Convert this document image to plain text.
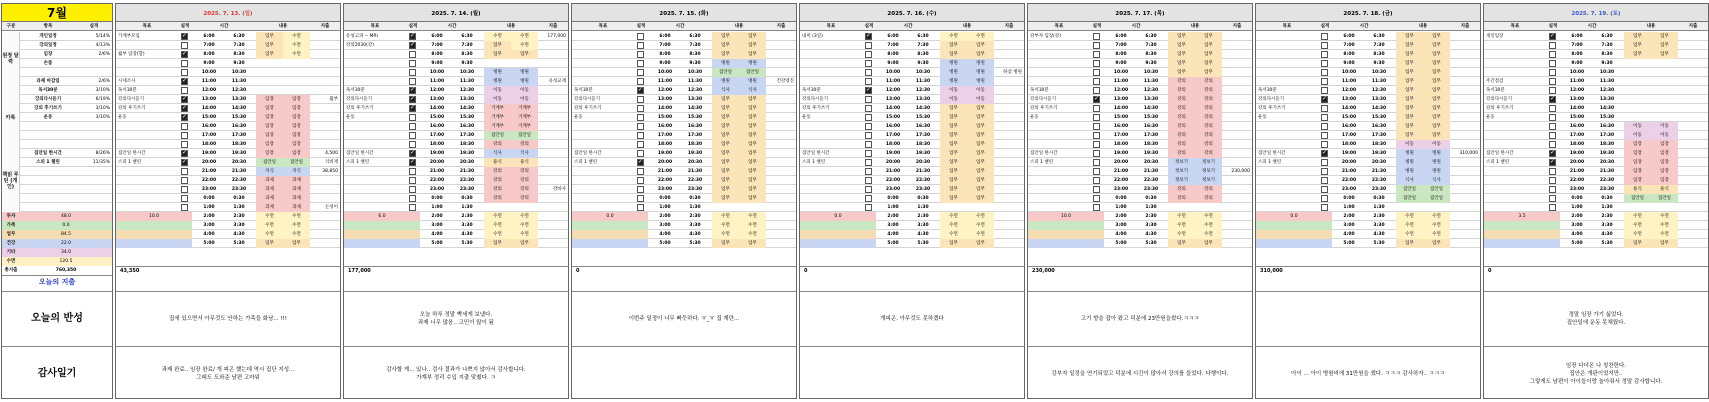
7월
구분	항목	실적
개인일정	5/14%
강의일정	4/13%
임장	2/6%
손품
과제 마감일	2/6%
독서30분	3/10%
강의다시듣기	6/19%
강의 후기쓰기	3/10%
운동	3/10%
집안일 한시간	8/26%
스피 1 챌린	11/35%
원정 달력
카톡
책읽 루틴 (개인)
투자	48.0
가족	0.0
업무	84.5
건강	22.0
기타	34.0
수면	120.5
총지출	760,350
오늘의 지출
오늘의 반성
감사일기
2025. 7. 13. (일)
목표	실적	시간	내용	지출
가계부모임 ✓	6:00	6:30	업무	수면
7:00	7:30	업무	수면
월부 임장(할) ✓	8:00	8:30	업무	수면
9:00	9:30
10:00	10:30
시세조사 ✓	11:00	11:30
독서30분	12:00	12:30
강의다시듣기 ✓	13:00	13:30	임장	임장	월부
강의 후기쓰기 ✓	14:00	14:30	임장	임장
운동 ✓	15:00	15:30	임장	임장
16:00	16:30	임장	임장
17:00	17:30	임장	임장
18:00	18:30	임장	임장
집안일 한시간 ✓	19:00	19:30	임장	임장	4,500
스피 1 챌린 ✓	20:00	20:30	집안일	집안일	식비재
21:00	21:30	지식	지식	38,850
22:00	22:30	과제	과제
23:00	23:30	과제	과제
0:00	0:30	과제	과제
1:00	1:30	과제	과제	돈성이
10.0	2:00	2:30	수면	수면
3:00	3:30	수면	수면
4:00	4:30	수면	수면
5:00	5:30	업무	업무
43,350
집에 있으면서 아무것도 안하는 가족들 화남... !!!
과제 완료.. 임장 완료/ 개 피곤 했는데 역시 집단 지성...
그래도 도와준 남편 고마워
2025. 7. 14. (월)
목표	실적	시간	내용	지출
유성고퍼 -- MRI ✓	6:00	6:30	수면	수면	177,000
강의2030(강) ✓	7:00	7:30	업무	수면
8:00	8:30	업무	업무
9:00	9:30
10:00	10:30	병원	병원
11:00	11:30	병원	병원	유성교재
독서30분 ✓	12:00	12:30	이동	이동
강의다시듣기 ✓	13:00	13:30	이동	이동
강의 후기쓰기 ✓	14:00	14:30	거계부	거계부
운동	15:00	15:30	거계부	거계부
16:00	16:30	거계부	거계부
17:00	17:30	집안일	집안일
18:00	18:30	강의	강의
집안일 한시간 ✓	19:00	19:30	식사	식사
스피 1 챌린 ✓	20:00	20:30	용식	용식
21:00	21:30	강의	강의
22:00	22:30	강의	강의
23:00	23:30	강의	강의	강바사
0:00	0:30	강의	강의
1:00	1:30
6.0	2:00	2:30	수면	수면
3:00	3:30	수면	수면
4:00	4:30	수면	수면
5:00	5:30	업무	업무
177,000
오늘 하루 정말 빡세게 보냈다.
과제 너무 많음.. 고민이 많이 됨
감사할 게... 있나.. 검사 결과가 나쁘지 않아서 감사합니다.
가계부 정리 수입 지출 맞췄다. ㅋ
2025. 7. 15. (화)
목표	실적	시간	내용	지출
6:00	6:30	업무	업무
7:00	7:30	업무	업무
8:00	8:30	업무	업무
9:00	9:30	병원	병원
10:00	10:30	집안일	집안일
11:00	11:30	병원	병원	건강영진
독서30분 ✓	12:00	12:30	식사	식사
강의다시듣기	13:00	13:30	업무	업무
강의 후기쓰기	14:00	14:30	업무	업무
운동	15:00	15:30	업무	업무
16:00	16:30	업무	업무
17:00	17:30	업무	업무
18:00	18:30	업무	업무
집안일 한시간	19:00	19:30	업무	업무
스피 1 챌린 ✓	20:00	20:30	업무	업무
21:00	21:30	업무	업무
22:00	22:30	업무	업무
23:00	23:30	업무	업무
0:00	0:30	업무	업무
1:00	1:30
0.0	2:00	2:30	수면	수면
3:00	3:30	수면	수면
4:00	4:30	수면	수면
5:00	5:30	업무	업무
0
이번주 일정이 너무 빠듯하다. ㅠ_ㅠ 집 계란...
2025. 7. 16. (수)
목표	실적	시간	내용	지출
내미 (3일) ✓	6:00	6:30	수면	수면
7:00	7:30	업무	업무
8:00	8:30	업무	업무
9:00	9:30	병원	병원
10:00	10:30	병원	병원	하셨 병원
11:00	11:30	병원	병원
독서30분 ✓	12:00	12:30	이동	이동
강의다시듣기	13:00	13:30	이동	이동
강의 후기쓰기	14:00	14:30	업무	업무
운동	15:00	15:30	업무	업무
16:00	16:30	업무	업무
17:00	17:30	업무	업무
18:00	18:30	업무	업무
집안일 한시간	19:00	19:30	업무	업무
스피 1 챌린	20:00	20:30	업무	업무
21:00	21:30	업무	업무
22:00	22:30	업무	업무
23:00	23:30	업무	업무
0:00	0:30	업무	업무
1:00	1:30
0.0	2:00	2:30	수면	수면
3:00	3:30	수면	수면
4:00	4:30	수면	수면
5:00	5:30	업무	업무
0
개피곤. 아무것도 못하겠다
2025. 7. 17. (목)
목표	실적	시간	내용	지출
강부자 임장(강)	6:00	6:30	업무	업무
7:00	7:30	업무	업무
8:00	8:30	업무	업무
9:00	9:30	업무	업무
10:00	10:30	업무	업무
11:00	11:30	강의	강의
독서30분	12:00	12:30	강의	강의
강의다시듣기 ✓	13:00	13:30	강의	강의
강의 후기쓰기	14:00	14:30	강의	강의
운동	15:00	15:30	강의	강의
16:00	16:30	강의	강의
17:00	17:30	강의	강의
18:00	18:30	강의	강의
집안일 한시간	19:00	19:30	강의	강의
스피 1 챌린	20:00	20:30	정보기	정보기
21:00	21:30	정보기	정보기	230,000
22:00	22:30	정보기	정보기
23:00	23:30	강의	강의
0:00	0:30	강의	강의
1:00	1:30
10.0	2:00	2:30	수면	수면
3:00	3:30	수면	수면
4:00	4:30	수면	수면
5:00	5:30	업무	업무
230,000
고기 향을 잡아 왔고 덕분에 23만원을썼다.ㅋㅋㅋ
강부자 일정을 연기되었고 덕분에 시간이 많아서 강의를 들었다. 다행이다.
2025. 7. 18. (금)
목표	실적	시간	내용	지출
6:00	6:30	업무	업무
7:00	7:30	업무	업무
8:00	8:30	업무	업무
9:00	9:30	업무	업무
10:00	10:30	업무	업무
11:00	11:30	업무	업무
독서30분	12:00	12:30	업무	업무
강의다시듣기 ✓	13:00	13:30	업무	업무
강의 후기쓰기	14:00	14:30	업무	업무
운동	15:00	15:30	업무	업무
16:00	16:30	업무	업무
17:00	17:30	업무	업무
18:00	18:30	이동	이동
집안일 한시간 ✓	19:00	19:30	병원	병원	310,000
스피 1 챌린	20:00	20:30	병원	병원
21:00	21:30	병원	병원
22:00	22:30	식사	식사
23:00	23:30	집안일	집안일
0:00	0:30	집안일	집안일
1:00	1:30
0.0	2:00	2:30	수면	수면
3:00	3:30	수면	수면
4:00	4:30	수면	수면
5:00	5:30	업무	업무
310,000
아이 ... 아이 병원비에 31만원을 썼다. ㅋㅋㅋ 감사하자.. ㅋㅋㅋ
2025. 7. 19. (토)
목표	실적	시간	내용	지출
개인임장 ✓	6:00	6:30	업무	업무
7:00	7:30	업무	업무
8:00	8:30	업무	업무
9:00	9:30
10:00	10:30
주간점검	11:00	11:30
독서30분	12:00	12:30
강의다시듣기 ✓	13:00	13:30
강의 후기쓰기	14:00	14:30
운동	15:00	15:30
16:00	16:30	이동	이동
17:00	17:30	이동	이동
18:00	18:30	임장	임장
집안일 한시간 ✓	19:00	19:30	임장	임장
스피 1 챌린 ✓	20:00	20:30	임장	임장
21:00	21:30	임장	임장
22:00	22:30	임장	임장
23:00	23:30	용식	용식
0:00	0:30	집안일	집안일
1:00	1:30
3.5	2:00	2:30	수면	수면
3:00	3:30	수면	수면
4:00	4:30	수면	수면
5:00	5:30	업무	업무
0
정말 임장 가기 싫었다.
집안일에 운동 못채웠다.
임장 다녀온 나 칭찬한다.
집안은 개판이었지만..
그렇게도 남편이 아이들이랑 놀아줘서 정말 감사합니다.
